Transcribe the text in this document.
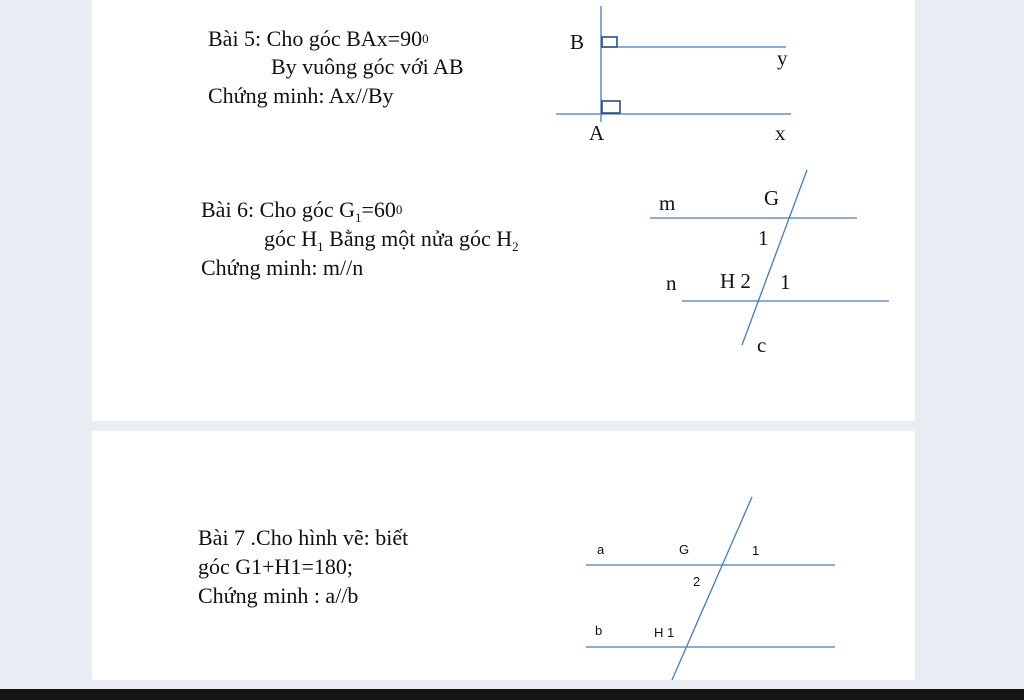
Bài 5: Cho góc $BAx=90^0$
By vuông góc với AB
Chứng minh: Ax//By
B
y
A	x
Bài 6: Cho góc $G_1=60^0$
góc $H_1$ Bằng một nửa góc $H_2$
Chứng minh: m//n
m	G
1
n H 2 1
c
Bài 7 .Cho hình vẽ: biết
góc G1+H1=180;
Chứng minh : a//b
a	G	1
2
b	H 1
